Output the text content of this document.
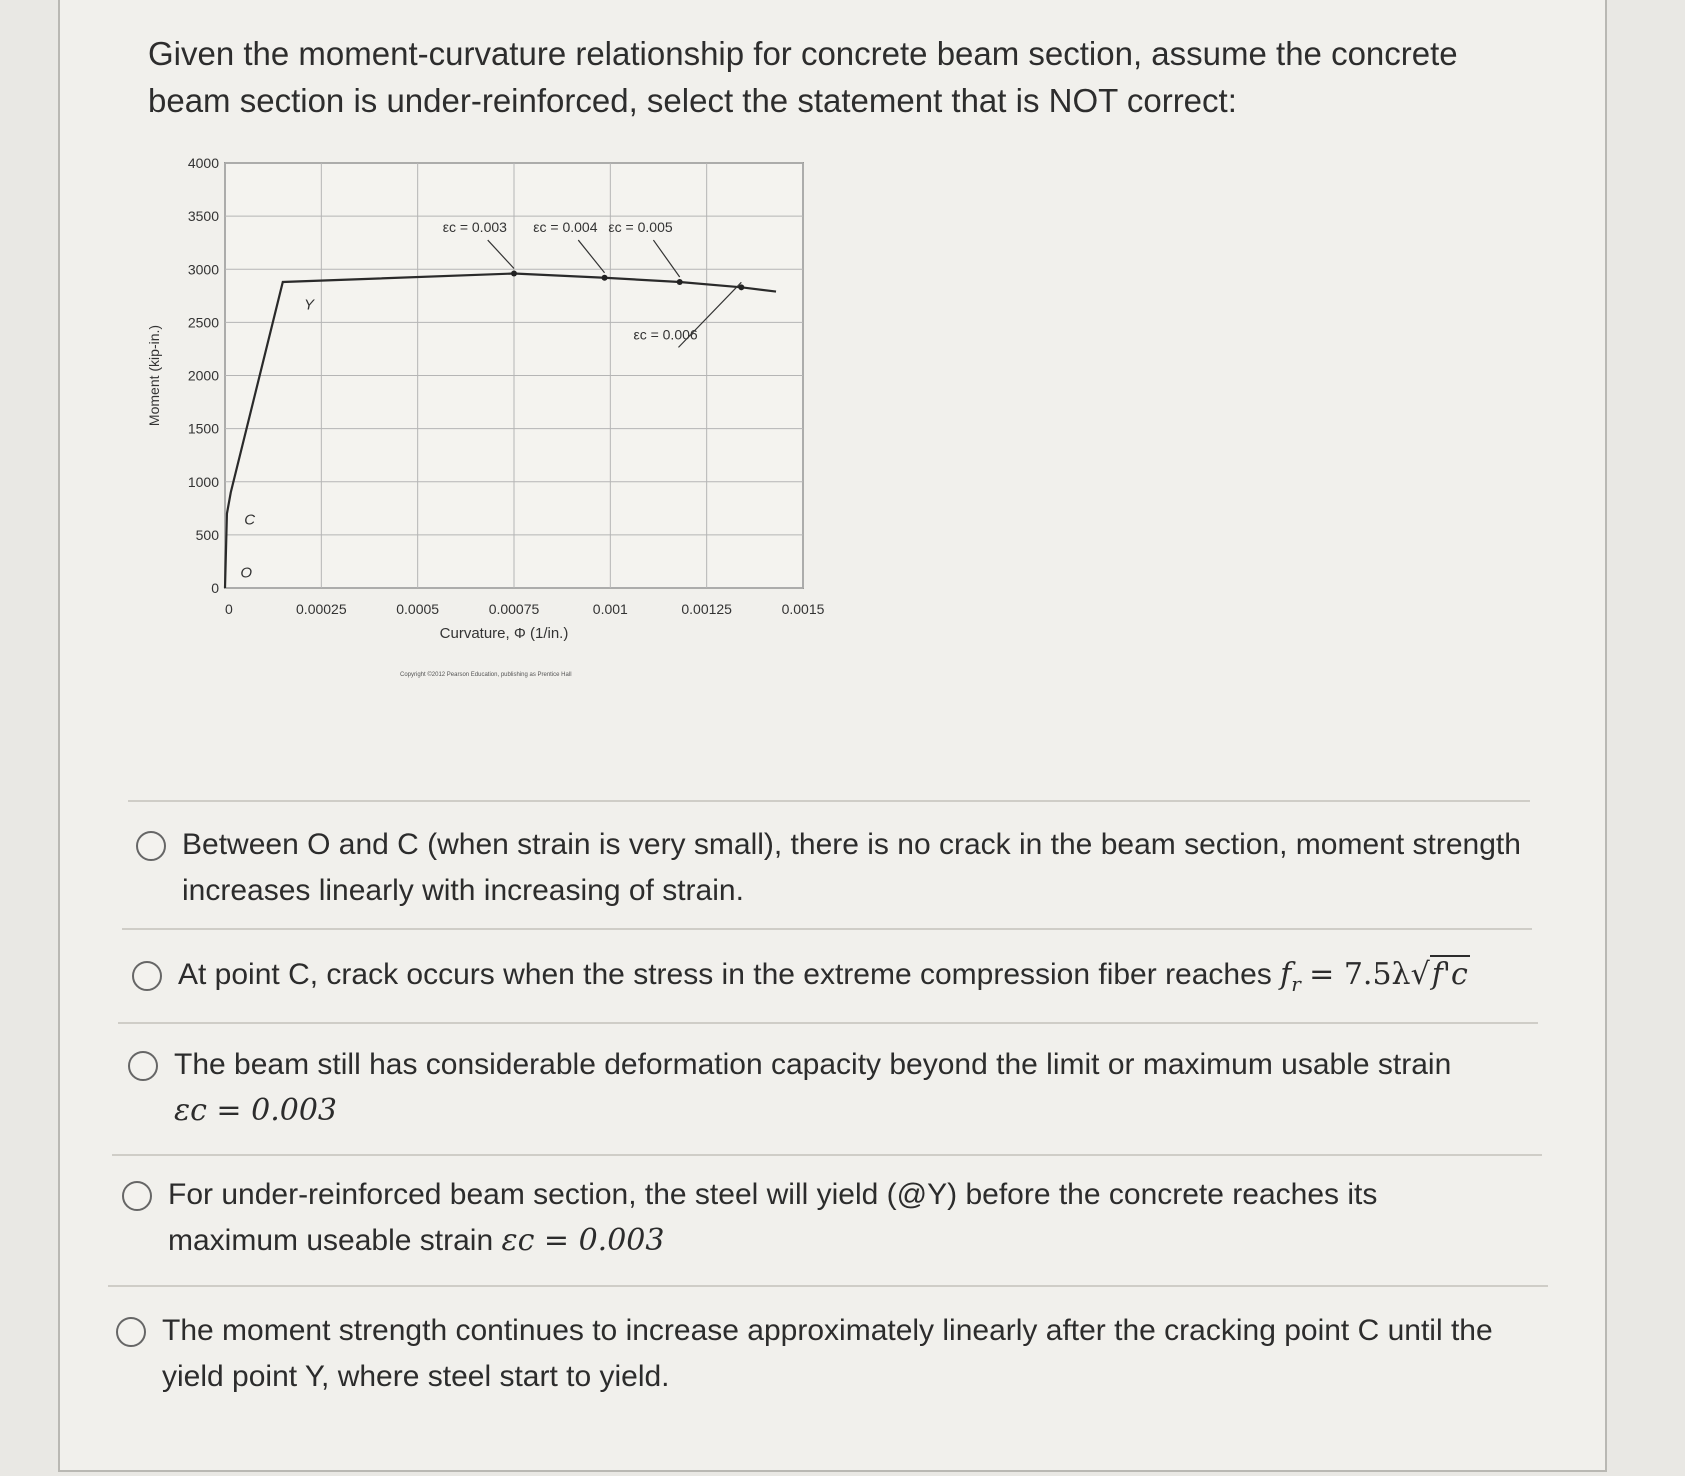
Given the moment-curvature relationship for concrete beam section, assume the concrete beam section is under-reinforced, select the statement that is NOT correct:

0	0.00025	0.0005	0.00075	0.001	0.00125	0.0015
0
500
1000
1500
2000
2500
3000
3500
4000
Curvature, Φ (1/in.)
Moment (kip-in.)
εc = 0.003 εc = 0.004 εc = 0.005
εc = 0.006
O
C
Y
Copyright ©2012 Pearson Education, publishing as Prentice Hall
Between O and C (when strain is very small), there is no crack in the beam section, moment strength increases linearly with increasing of strain.
At point C, crack occurs when the stress in the extreme compression fiber reaches $f_r = 7.5\lambda√f'c$
The beam still has considerable deformation capacity beyond the limit or maximum usable strain
εc = 0.003
For under-reinforced beam section, the steel will yield (@Y) before the concrete reaches its maximum useable strain εc = 0.003
The moment strength continues to increase approximately linearly after the cracking point C until the yield point Y, where steel start to yield.
